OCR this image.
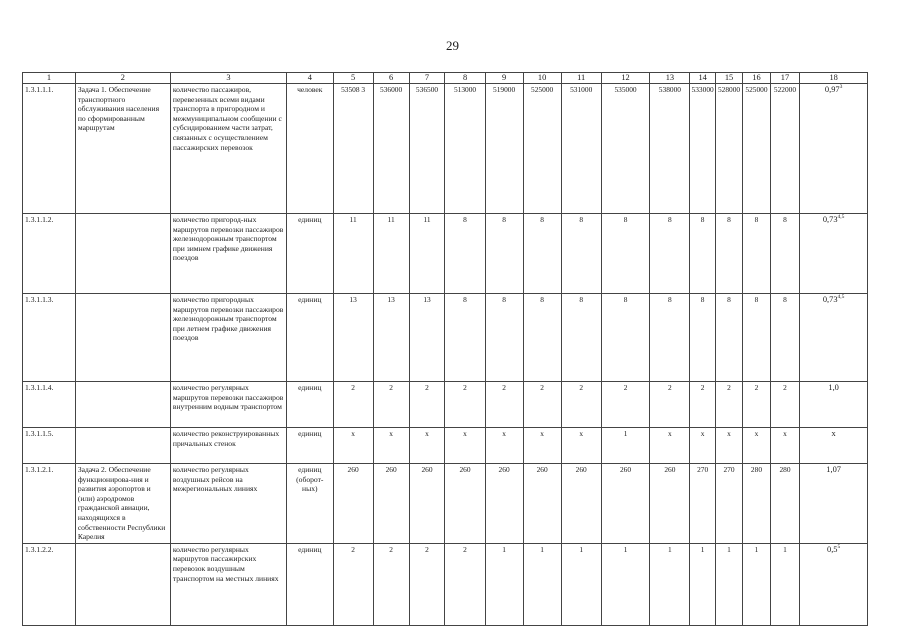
29
1	2	3	4	5	6	7	8	9	10	11	12	13	14	15	16	17	18
1.3.1.1.1.	Задача 1. Обеспечение транспортного обслуживания населения по сформированным маршрутам	количество пассажиров, перевезенных всеми видами транспорта в пригородном и межмуниципальном сообщении с субсидированием части затрат, связанных с осуществлением пассажирских перевозок	человек	53508 3	536000	536500	513000	519000	525000	531000	535000	538000	533000	528000	525000	522000	0,97$^3$
1.3.1.1.2.		количество пригород-ных маршрутов перевозки пассажиров железнодорожным транспортом при зимнем графике движения поездов	единиц	11	11	11	8	8	8	8	8	8	8	8	8	8	0,73$^{4,5}$
1.3.1.1.3.		количество пригородных маршрутов перевозки пассажиров железнодорожным транспортом при летнем графике движения поездов	единиц	13	13	13	8	8	8	8	8	8	8	8	8	8	0,73$^{4,5}$
1.3.1.1.4.		количество регулярных маршрутов перевозки пассажиров внутренним водным транспортом	единиц	2	2	2	2	2	2	2	2	2	2	2	2	2	1,0
1.3.1.1.5.		количество реконструированных причальных стенок	единиц	x	x	x	x	x	x	x	1	x	x	x	x	x	x
1.3.1.2.1.	Задача 2. Обеспечение функционирова-ния и развития аэропортов и (или) аэродромов гражданской авиации, находящихся в собственности Республики Карелия	количество регулярных воздушных рейсов на межрегиональных линиях	единиц (оборот-ных)	260	260	260	260	260	260	260	260	260	270	270	280	280	1,07
1.3.1.2.2.		количество регулярных маршрутов пассажирских перевозок воздушным транспортом на местных линиях	единиц	2	2	2	2	1	1	1	1	1	1	1	1	1	$0,5^5$
